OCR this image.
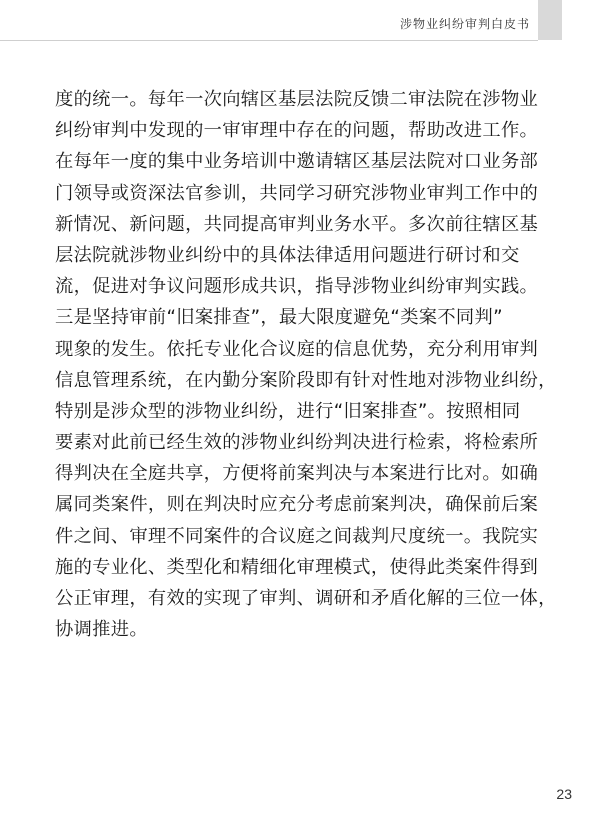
涉物业纠纷审判白皮书
度的统一。每年一次向辖区基层法院反馈二审法院在涉物业
纠纷审判中发现的一审审理中存在的问题，帮助改进工作。
在每年一度的集中业务培训中邀请辖区基层法院对口业务部
门领导或资深法官参训，共同学习研究涉物业审判工作中的
新情况、新问题，共同提高审判业务水平。多次前往辖区基
层法院就涉物业纠纷中的具体法律适用问题进行研讨和交
流，促进对争议问题形成共识，指导涉物业纠纷审判实践。
三是坚持审前“旧案排查”，最大限度避免“类案不同判”
现象的发生。依托专业化合议庭的信息优势，充分利用审判
信息管理系统，在内勤分案阶段即有针对性地对涉物业纠纷，
特别是涉众型的涉物业纠纷，进行“旧案排查”。按照相同
要素对此前已经生效的涉物业纠纷判决进行检索，将检索所
得判决在全庭共享，方便将前案判决与本案进行比对。如确
属同类案件，则在判决时应充分考虑前案判决，确保前后案
件之间、审理不同案件的合议庭之间裁判尺度统一。我院实
施的专业化、类型化和精细化审理模式，使得此类案件得到
公正审理，有效的实现了审判、调研和矛盾化解的三位一体，
协调推进。
23
